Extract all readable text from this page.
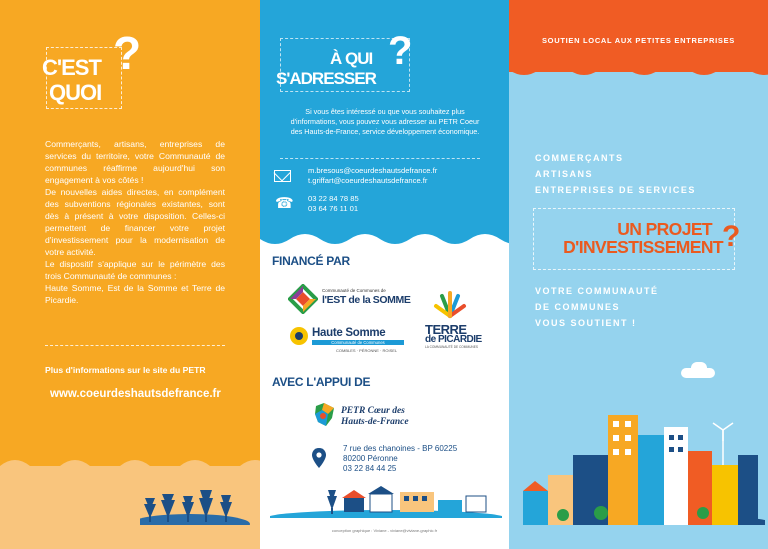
C'EST
QUOI
?

Commerçants, artisans, entreprises de services du territoire, votre Communauté de communes réaffirme aujourd'hui son engagement à vos côtés !

De nouvelles aides directes, en complément des subventions régionales existantes, sont dès à présent à votre disposition. Celles-ci permettent de financer votre projet d'investissement pour la modernisation de votre activité.

Le dispositif s'applique sur le périmètre des trois Communauté de communes :

Haute Somme, Est de la Somme et Terre de Picardie.

Plus d'informations sur le site du PETR
www.coeurdeshautsdefrance.fr
À QUI
S'ADRESSER
?
Si vous êtes intéressé ou que vous souhaitez plus d'informations, vous pouvez vous adresser au PETR Coeur des Hauts-de-France, service développement économique.
m.bresous@coeurdeshautsdefrance.fr
t.griffart@coeurdeshautsdefrance.fr
☎ 03 22 84 78 85
03 64 76 11 01
FINANCÉ PAR
Communauté de Communes de
l'EST de la SOMME
Haute Somme
Communauté de Communes
COMBLES · PÉRONNE · ROISEL
TERRE
de PICARDIE
LA COMMUNAUTÉ DE COMMUNES
AVEC L'APPUI DE
PETR Cœur des
Hauts-de-France
7 rue des chanoines - BP 60225
80200 Péronne
03 22 84 44 25
conception graphique : Viviane - viviane@viviane-graphic.fr
SOUTIEN LOCAL AUX PETITES ENTREPRISES
COMMERÇANTS
ARTISANS
ENTREPRISES DE SERVICES
UN PROJET
D'INVESTISSEMENT ?
VOTRE COMMUNAUTÉ
DE COMMUNES
VOUS SOUTIENT !
